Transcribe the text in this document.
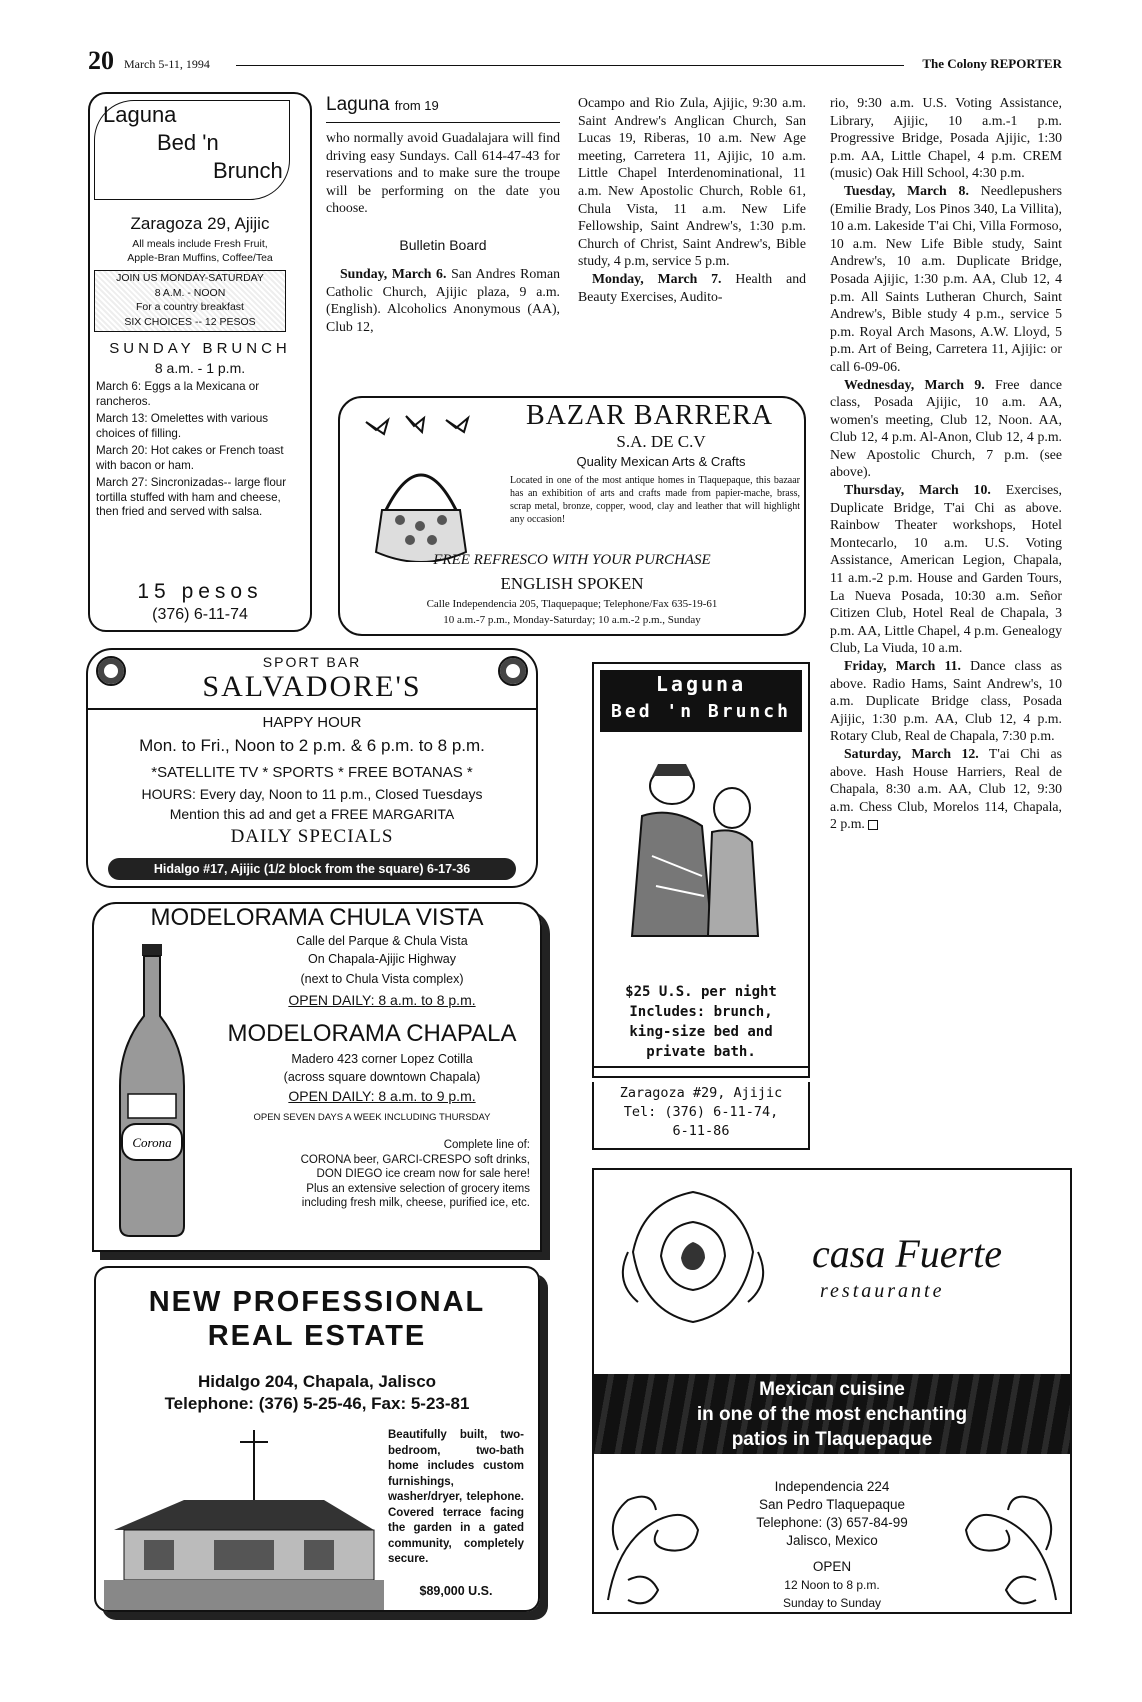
20 March 5-11, 1994	The Colony REPORTER
Laguna
Bed 'n
Brunch
Zaragoza 29, Ajijic
All meals include Fresh Fruit,
Apple-Bran Muffins, Coffee/Tea
JOIN US MONDAY-SATURDAY
8 A.M. - NOON
For a country breakfast
SIX CHOICES -- 12 PESOS
SUNDAY BRUNCH
8 a.m. - 1 p.m.
March 6: Eggs a la Mexicana or rancheros.
March 13: Omelettes with various choices of filling.
March 20: Hot cakes or French toast with bacon or ham.
March 27: Sincronizadas-- large flour tortilla stuffed with ham and cheese, then fried and served with salsa.
15 pesos
(376) 6-11-74
Laguna from 19

who normally avoid Guadalajara will find driving easy Sundays. Call 614-47-43 for reservations and to make sure the troupe will be performing on the date you choose.

Bulletin Board

Sunday, March 6. San Andres Roman Catholic Church, Ajijic plaza, 9 a.m. (English). Alcoholics Anonymous (AA), Club 12,

Ocampo and Rio Zula, Ajijic, 9:30 a.m. Saint Andrew's Anglican Church, San Lucas 19, Riberas, 10 a.m. New Age meeting, Carretera 11, Ajijic, 10 a.m. Little Chapel Interdenominational, 11 a.m. New Apostolic Church, Roble 61, Chula Vista, 11 a.m. New Life Fellowship, Saint Andrew's, 1:30 p.m. Church of Christ, Saint Andrew's, Bible study, 4 p.m, service 5 p.m.

Monday, March 7. Health and Beauty Exercises, Audito-

rio, 9:30 a.m. U.S. Voting Assistance, Library, Ajijic, 10 a.m.-1 p.m. Progressive Bridge, Posada Ajijic, 1:30 p.m. AA, Little Chapel, 4 p.m. CREM (music) Oak Hill School, 4:30 p.m.

Tuesday, March 8. Needlepushers (Emilie Brady, Los Pinos 340, La Villita), 10 a.m. Lakeside T'ai Chi, Villa Formoso, 10 a.m. New Life Bible study, Saint Andrew's, 10 a.m. Duplicate Bridge, Posada Ajijic, 1:30 p.m. AA, Club 12, 4 p.m. All Saints Lutheran Church, Saint Andrew's, Bible study 4 p.m., service 5 p.m. Royal Arch Masons, A.W. Lloyd, 5 p.m. Art of Being, Carretera 11, Ajijic: or call 6-09-06.

Wednesday, March 9. Free dance class, Posada Ajijic, 10 a.m. AA, women's meeting, Club 12, Noon. AA, Club 12, 4 p.m. Al-Anon, Club 12, 4 p.m. New Apostolic Church, 7 p.m. (see above).

Thursday, March 10. Exercises, Duplicate Bridge, T'ai Chi as above. Rainbow Theater workshops, Hotel Montecarlo, 10 a.m. U.S. Voting Assistance, American Legion, Chapala, 11 a.m.-2 p.m. House and Garden Tours, La Nueva Posada, 10:30 a.m. Señor Citizen Club, Hotel Real de Chapala, 3 p.m. AA, Little Chapel, 4 p.m. Genealogy Club, La Viuda, 10 a.m.

Friday, March 11. Dance class as above. Radio Hams, Saint Andrew's, 10 a.m. Duplicate Bridge class, Posada Ajijic, 1:30 p.m. AA, Club 12, 4 p.m. Rotary Club, Real de Chapala, 7:30 p.m.

Saturday, March 12. T'ai Chi as above. Hash House Harriers, Real de Chapala, 8:30 a.m. AA, Club 12, 9:30 a.m. Chess Club, Morelos 114, Chapala, 2 p.m.

BAZAR BARRERA
S.A. DE C.V
Quality Mexican Arts & Crafts
Located in one of the most antique homes in Tlaquepaque, this bazaar has an exhibition of arts and crafts made from papier-mache, brass, scrap metal, bronze, copper, wood, clay and leather that will highlight any occasion!
FREE REFRESCO WITH YOUR PURCHASE
ENGLISH SPOKEN
Calle Independencia 205, Tlaquepaque; Telephone/Fax 635-19-61
10 a.m.-7 p.m., Monday-Saturday; 10 a.m.-2 p.m., Sunday
SPORT BAR
SALVADORE'S
HAPPY HOUR
Mon. to Fri., Noon to 2 p.m. & 6 p.m. to 8 p.m.
*SATELLITE TV * SPORTS * FREE BOTANAS *
HOURS: Every day, Noon to 11 p.m., Closed Tuesdays
Mention this ad and get a FREE MARGARITA
DAILY SPECIALS
Hidalgo #17, Ajijic (1/2 block from the square) 6-17-36
Laguna
Bed 'n Brunch
$25 U.S. per night
Includes: brunch,
king-size bed and
private bath.
Zaragoza #29, Ajijic
Tel: (376) 6-11-74,
6-11-86
MODELORAMA CHULA VISTA
Calle del Parque & Chula Vista
On Chapala-Ajijic Highway
(next to Chula Vista complex)
OPEN DAILY: 8 a.m. to 8 p.m.
MODELORAMA CHAPALA
Madero 423 corner Lopez Cotilla
(across square downtown Chapala)
OPEN DAILY: 8 a.m. to 9 p.m.
OPEN SEVEN DAYS A WEEK INCLUDING THURSDAY
Complete line of:
CORONA beer, GARCI-CRESPO soft drinks,
DON DIEGO ice cream now for sale here!
Plus an extensive selection of grocery items
including fresh milk, cheese, purified ice, etc.
Corona
NEW PROFESSIONAL
REAL ESTATE
Hidalgo 204, Chapala, Jalisco
Telephone: (376) 5-25-46, Fax: 5-23-81
Beautifully built, two-bedroom, two-bath home includes custom furnishings, washer/dryer, telephone. Covered terrace facing the garden in a gated community, completely secure.
$89,000 U.S.
casa Fuerte
restaurante
Mexican cuisine
in one of the most enchanting
patios in Tlaquepaque
Independencia 224
San Pedro Tlaquepaque
Telephone: (3) 657-84-99
Jalisco, Mexico
OPEN
12 Noon to 8 p.m.
Sunday to Sunday
